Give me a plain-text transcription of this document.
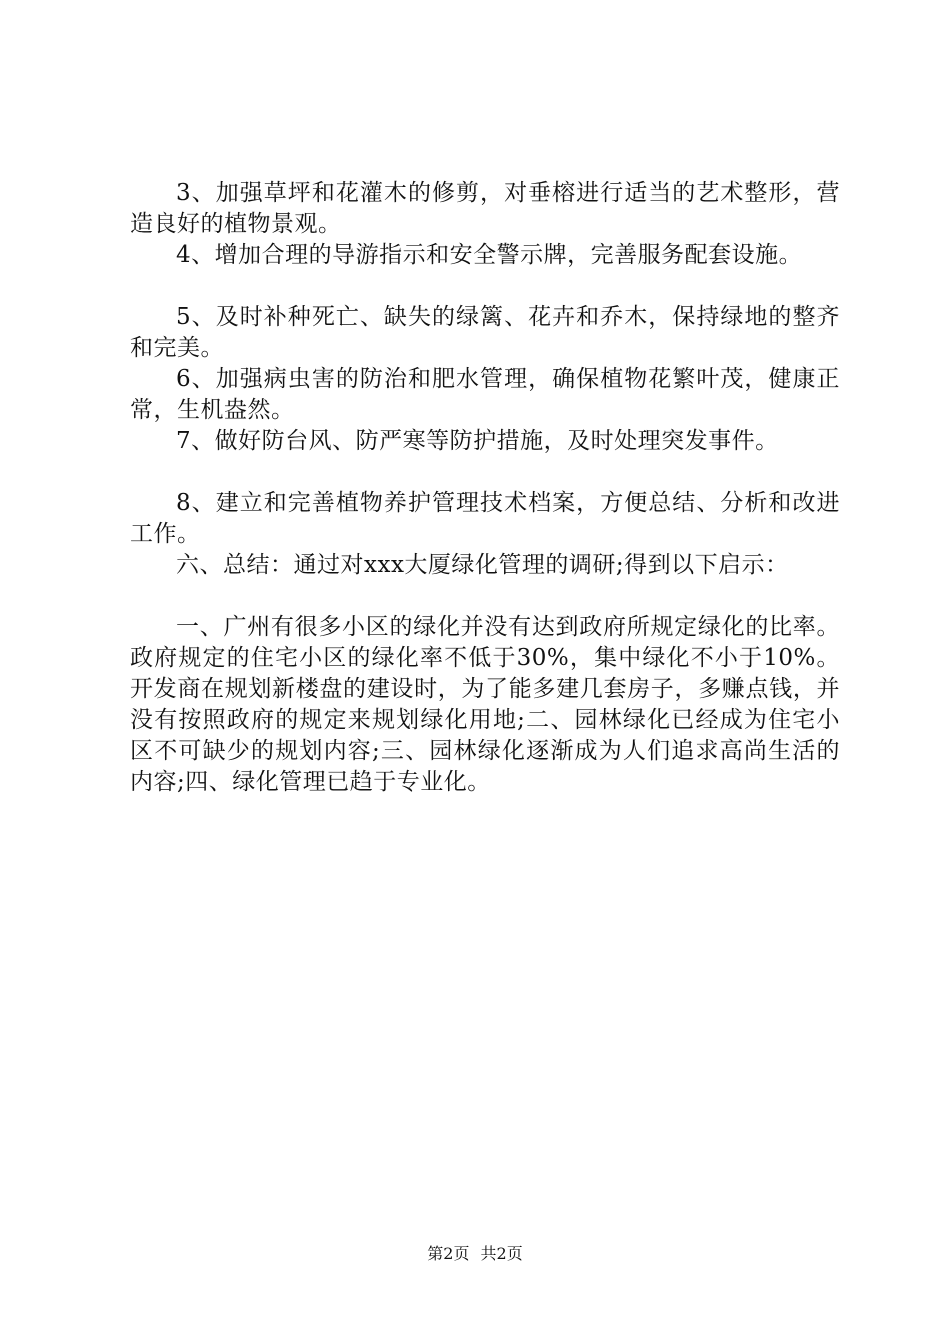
3、加强草坪和花灌木的修剪，对垂榕进行适当的艺术整形，营造良好的植物景观。

4、增加合理的导游指示和安全警示牌，完善服务配套设施。

5、及时补种死亡、缺失的绿篱、花卉和乔木，保持绿地的整齐和完美。

6、加强病虫害的防治和肥水管理，确保植物花繁叶茂，健康正常，生机盎然。

7、做好防台风、防严寒等防护措施，及时处理突发事件。

8、建立和完善植物养护管理技术档案，方便总结、分析和改进工作。

六、总结：通过对xxx大厦绿化管理的调研;得到以下启示：

一、广州有很多小区的绿化并没有达到政府所规定绿化的比率。政府规定的住宅小区的绿化率不低于30%，集中绿化不小于10%。开发商在规划新楼盘的建设时，为了能多建几套房子，多赚点钱，并没有按照政府的规定来规划绿化用地;二、园林绿化已经成为住宅小区不可缺少的规划内容;三、园林绿化逐渐成为人们追求高尚生活的内容;四、绿化管理已趋于专业化。

第2页 共2页
